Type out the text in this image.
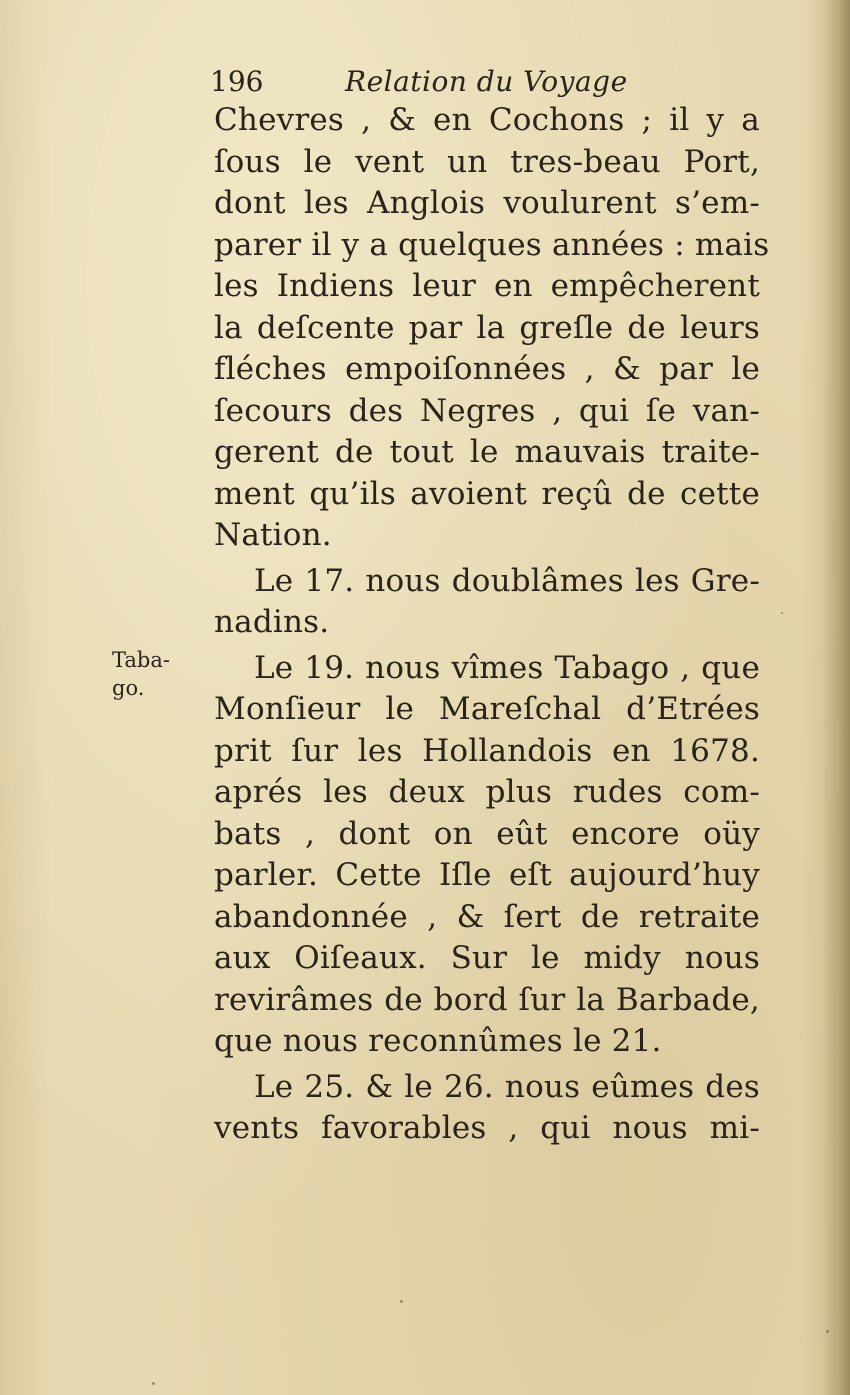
196	Relation du Voyage
Taba-
go.
Chevres , & en Cochons ; il y a
ſous le vent un tres-beau Port,
dont les Anglois voulurent s’em-
parer il y a quelques années : mais
les Indiens leur en empêcherent
la deſcente par la greſle de leurs
fléches empoiſonnées , & par le
ſecours des Negres , qui ſe van-
gerent de tout le mauvais traite-
ment qu’ils avoient reçû de cette
Nation.
Le 17. nous doublâmes les Gre-
nadins.
Le 19. nous vîmes Tabago , que
Monſieur le Mareſchal d’Etrées
prit ſur les Hollandois en 1678.
aprés les deux plus rudes com-
bats , dont on eût encore oüy
parler. Cette Iſle eſt aujourd’huy
abandonnée , & ſert de retraite
aux Oiſeaux. Sur le midy nous
revirâmes de bord ſur la Barbade,
que nous reconnûmes le 21.
Le 25. & le 26. nous eûmes des
vents favorables , qui nous mi-
